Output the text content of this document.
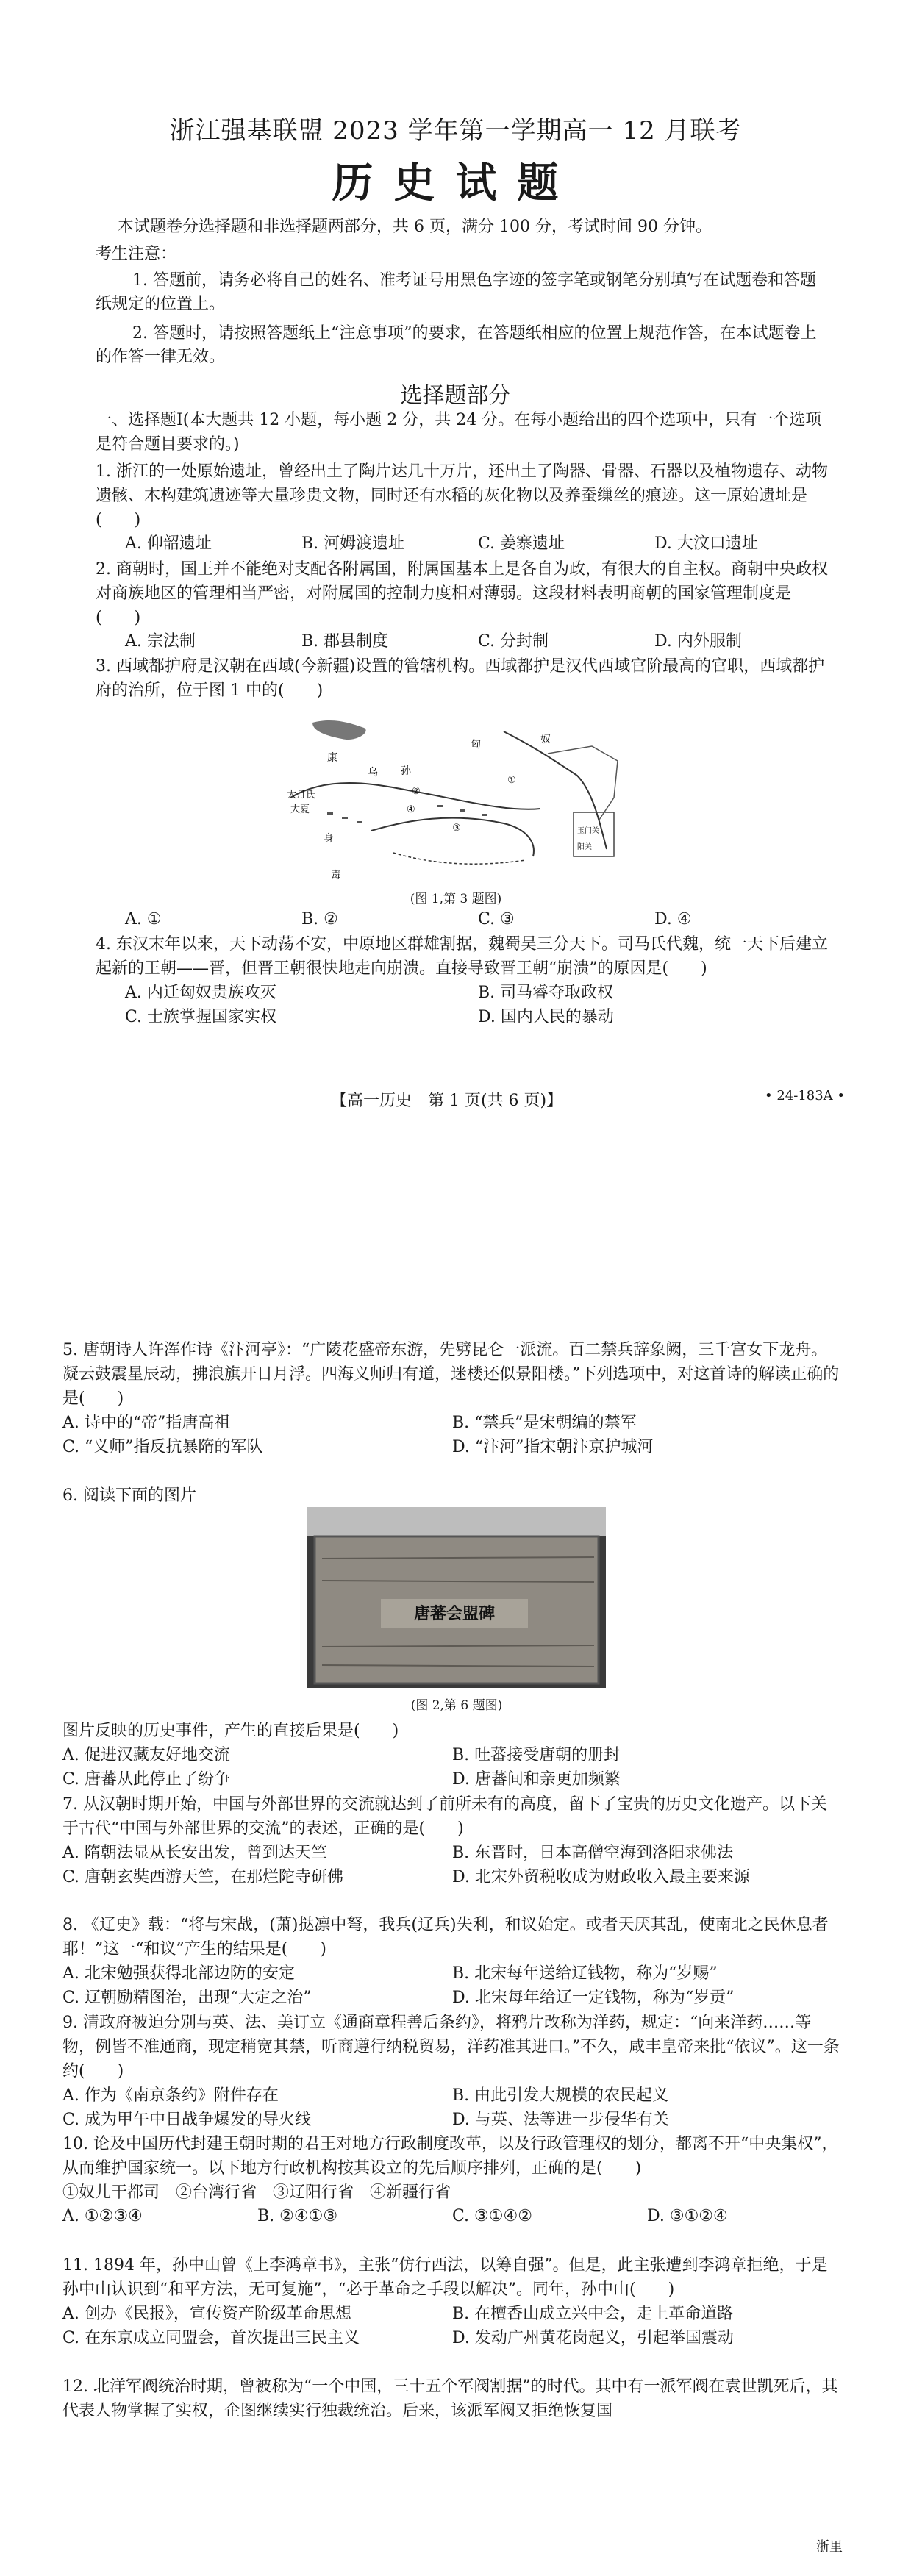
浙江强基联盟 2023 学年第一学期高一 12 月联考
历史试题
本试题卷分选择题和非选择题两部分，共 6 页，满分 100 分，考试时间 90 分钟。
考生注意：
1. 答题前，请务必将自己的姓名、准考证号用黑色字迹的签字笔或钢笔分别填写在试题卷和答题纸规定的位置上。
2. 答题时，请按照答题纸上“注意事项”的要求，在答题纸相应的位置上规范作答，在本试题卷上的作答一律无效。
选择题部分
一、选择题Ⅰ(本大题共 12 小题，每小题 2 分，共 24 分。在每小题给出的四个选项中，只有一个选项是符合题目要求的。)
1. 浙江的一处原始遗址，曾经出土了陶片达几十万片，还出土了陶器、骨器、石器以及植物遗存、动物遗骸、木构建筑遗迹等大量珍贵文物，同时还有水稻的灰化物以及养蚕缫丝的痕迹。这一原始遗址是(　　)
A. 仰韶遗址	B. 河姆渡遗址	C. 姜寨遗址	D. 大汶口遗址
2. 商朝时，国王并不能绝对支配各附属国，附属国基本上是各自为政，有很大的自主权。商朝中央政权对商族地区的管理相当严密，对附属国的控制力度相对薄弱。这段材料表明商朝的国家管理制度是(　　)
A. 宗法制	B. 郡县制度	C. 分封制	D. 内外服制
3. 西域都护府是汉朝在西域(今新疆)设置的管辖机构。西域都护是汉代西域官阶最高的官职，西域都护府的治所，位于图 1 中的(　　)
康
乌 孙
匈	奴
大月氏
大夏
身
毒
①
②
③
④
玉门关
阳关
(图 1,第 3 题图)
A. ①	B. ②	C. ③	D. ④
4. 东汉末年以来，天下动荡不安，中原地区群雄割据，魏蜀吴三分天下。司马氏代魏，统一天下后建立起新的王朝——晋，但晋王朝很快地走向崩溃。直接导致晋王朝“崩溃”的原因是(　　)
A. 内迁匈奴贵族攻灭	B. 司马睿夺取政权
C. 士族掌握国家实权	D. 国内人民的暴动
【高一历史　第 1 页(共 6 页)】	• 24-183A •
5. 唐朝诗人许浑作诗《汴河亭》：“广陵花盛帝东游，先劈昆仑一派流。百二禁兵辞象阙，三千宫女下龙舟。凝云鼓震星辰动，拂浪旗开日月浮。四海义师归有道，迷楼还似景阳楼。”下列选项中，对这首诗的解读正确的是(　　)
A. 诗中的“帝”指唐高祖	B. “禁兵”是宋朝编的禁军
C. “义师”指反抗暴隋的军队	D. “汴河”指宋朝汴京护城河
6. 阅读下面的图片
唐蕃会盟碑
(图 2,第 6 题图)
图片反映的历史事件，产生的直接后果是(　　)
A. 促进汉藏友好地交流	B. 吐蕃接受唐朝的册封
C. 唐蕃从此停止了纷争	D. 唐蕃间和亲更加频繁
7. 从汉朝时期开始，中国与外部世界的交流就达到了前所未有的高度，留下了宝贵的历史文化遗产。以下关于古代“中国与外部世界的交流”的表述，正确的是(　　)
A. 隋朝法显从长安出发，曾到达天竺	B. 东晋时，日本高僧空海到洛阳求佛法
C. 唐朝玄奘西游天竺，在那烂陀寺研佛	D. 北宋外贸税收成为财政收入最主要来源
8. 《辽史》载：“将与宋战，(萧)挞凛中弩，我兵(辽兵)失利，和议始定。或者天厌其乱，使南北之民休息者耶！”这一“和议”产生的结果是(　　)
A. 北宋勉强获得北部边防的安定	B. 北宋每年送给辽钱物，称为“岁赐”
C. 辽朝励精图治，出现“大定之治”	D. 北宋每年给辽一定钱物，称为“岁贡”
9. 清政府被迫分别与英、法、美订立《通商章程善后条约》，将鸦片改称为洋药，规定：“向来洋药……等物，例皆不准通商，现定稍宽其禁，听商遵行纳税贸易，洋药准其进口。”不久，咸丰皇帝来批“依议”。这一条约(　　)
A. 作为《南京条约》附件存在	B. 由此引发大规模的农民起义
C. 成为甲午中日战争爆发的导火线	D. 与英、法等进一步侵华有关
10. 论及中国历代封建王朝时期的君王对地方行政制度改革，以及行政管理权的划分，都离不开“中央集权”，从而维护国家统一。以下地方行政机构按其设立的先后顺序排列，正确的是(　　)
①奴儿干都司　②台湾行省　③辽阳行省　④新疆行省
A. ①②③④	B. ②④①③	C. ③①④②	D. ③①②④
11. 1894 年，孙中山曾《上李鸿章书》，主张“仿行西法，以筹自强”。但是，此主张遭到李鸿章拒绝，于是孙中山认识到“和平方法，无可复施”，“必于革命之手段以解决”。同年，孙中山(　　)
A. 创办《民报》，宣传资产阶级革命思想	B. 在檀香山成立兴中会，走上革命道路
C. 在东京成立同盟会，首次提出三民主义	D. 发动广州黄花岗起义，引起举国震动
12. 北洋军阀统治时期，曾被称为“一个中国，三十五个军阀割据”的时代。其中有一派军阀在袁世凯死后，其代表人物掌握了实权，企图继续实行独裁统治。后来，该派军阀又拒绝恢复国
浙里
